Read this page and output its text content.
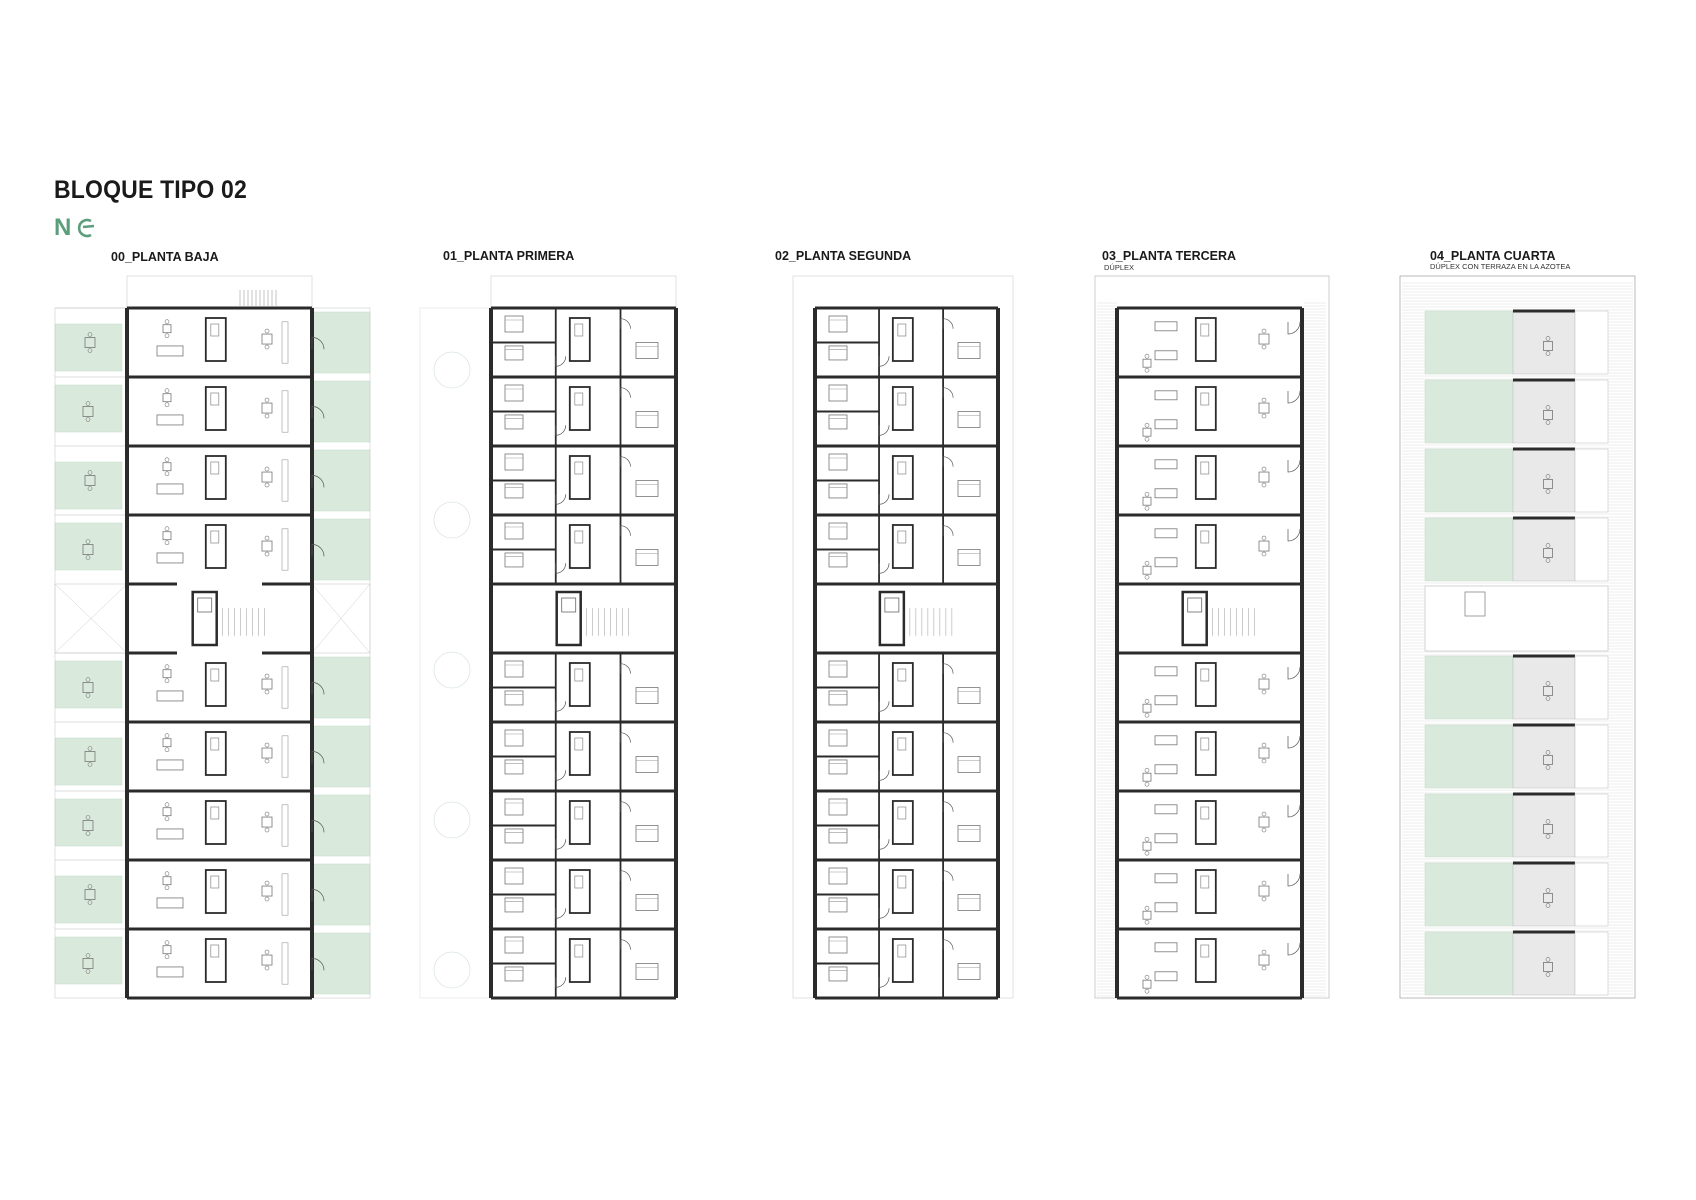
BLOQUE TIPO 02
N
00_PLANTA BAJA	01_PLANTA PRIMERA	02_PLANTA SEGUNDA	03_PLANTA TERCERA
DÚPLEX
04_PLANTA CUARTA
DÚPLEX CON TERRAZA EN LA AZOTEA
